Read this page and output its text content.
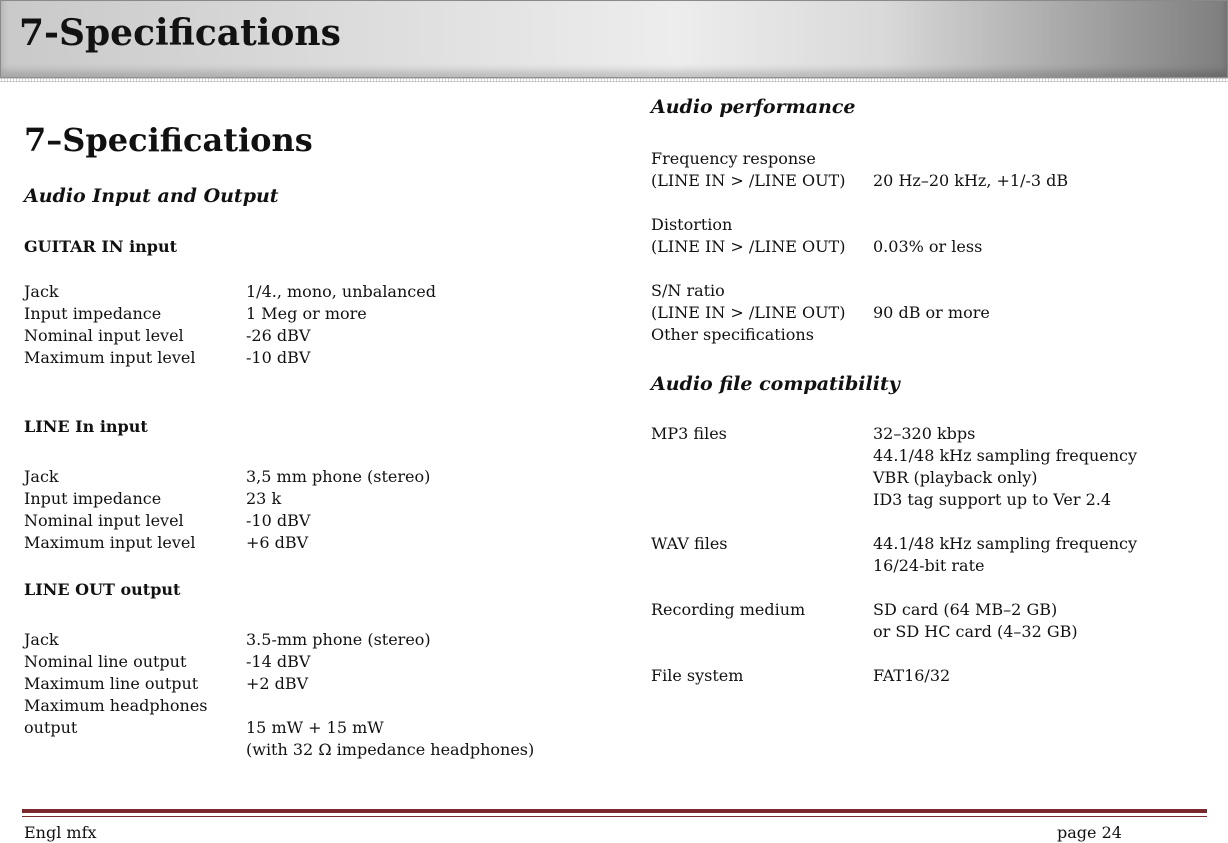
7-Specifications
7–Specifications
Audio Input and Output
GUITAR IN input
Jack	1/4., mono, unbalanced
Input impedance	1 Meg or more
Nominal input level	-26 dBV
Maximum input level	-10 dBV
LINE In input
Jack	3,5 mm phone (stereo)
Input impedance	23 k
Nominal input level	-10 dBV
Maximum input level	+6 dBV
LINE OUT output
Jack	3.5-mm phone (stereo)
Nominal line output	-14 dBV
Maximum line output	+2 dBV
Maximum headphones
output	15 mW + 15 mW
(with 32 Ω impedance headphones)
Audio performance
Frequency response
(LINE IN > /LINE OUT) 20 Hz–20 kHz, +1/-3 dB
Distortion
(LINE IN > /LINE OUT) 0.03% or less
S/N ratio
(LINE IN > /LINE OUT) 90 dB or more
Other specifications
Audio file compatibility
MP3 files	32–320 kbps
44.1/48 kHz sampling frequency
VBR (playback only)
ID3 tag support up to Ver 2.4
WAV files	44.1/48 kHz sampling frequency
16/24-bit rate
Recording medium	SD card (64 MB–2 GB)
or SD HC card (4–32 GB)
File system	FAT16/32
Engl mfx	page 24
